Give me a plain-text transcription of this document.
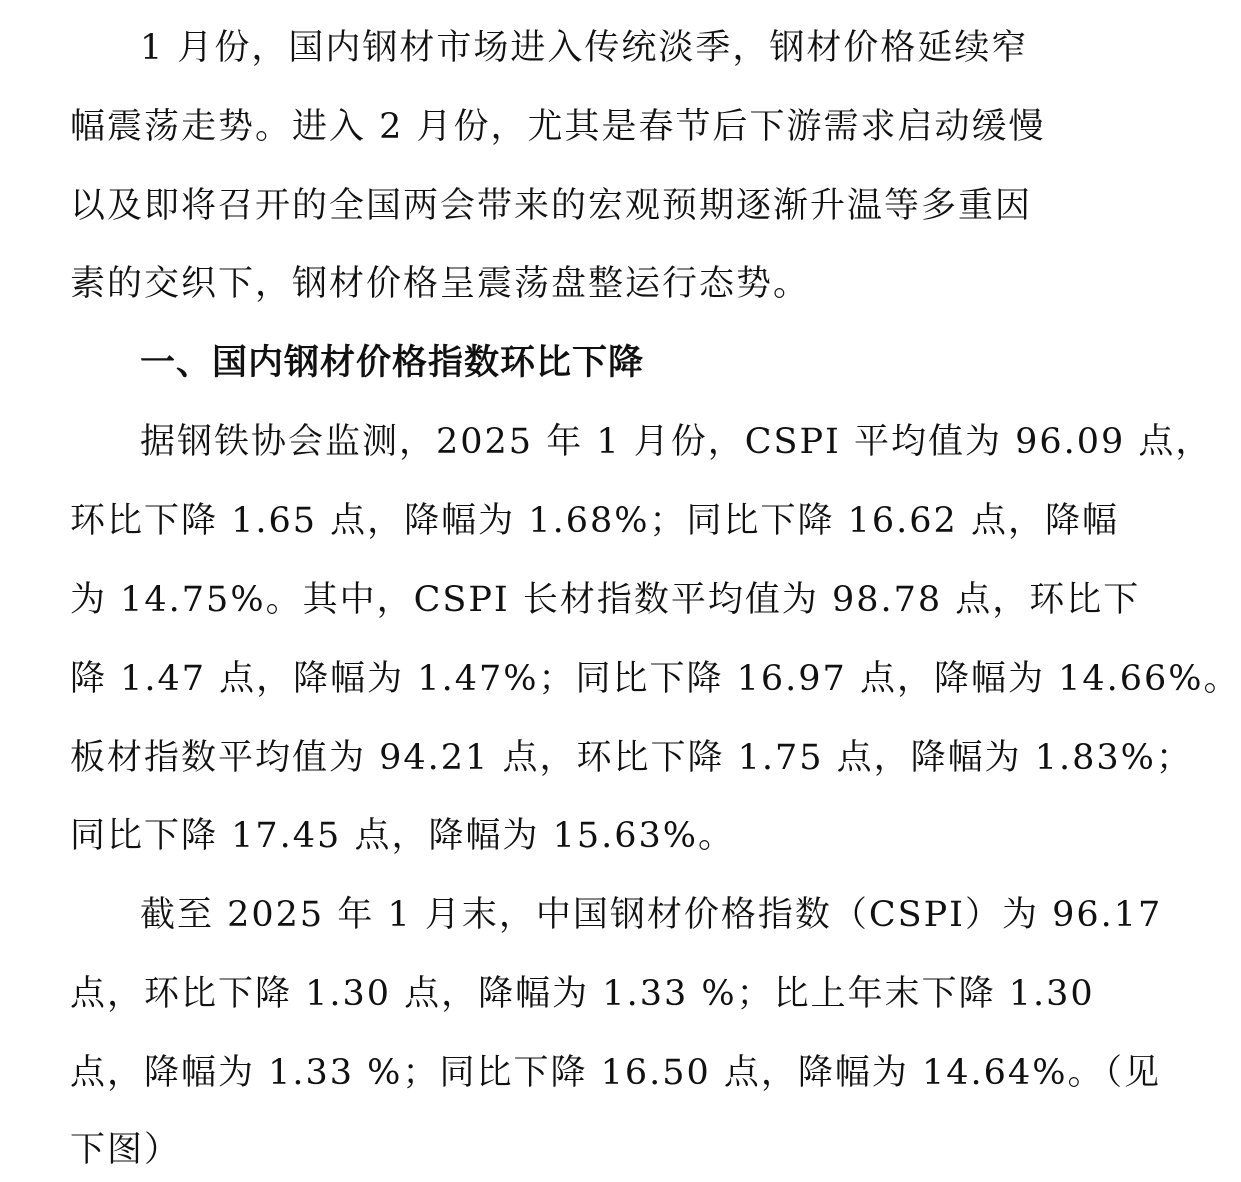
1 月份，国内钢材市场进入传统淡季，钢材价格延续窄
幅震荡走势。进入 2 月份，尤其是春节后下游需求启动缓慢
以及即将召开的全国两会带来的宏观预期逐渐升温等多重因
素的交织下，钢材价格呈震荡盘整运行态势。
一、国内钢材价格指数环比下降
据钢铁协会监测，2025 年 1 月份，CSPI 平均值为 96.09 点，
环比下降 1.65 点，降幅为 1.68%；同比下降 16.62 点，降幅
为 14.75%。其中，CSPI 长材指数平均值为 98.78 点，环比下
降 1.47 点，降幅为 1.47%；同比下降 16.97 点，降幅为 14.66%。
板材指数平均值为 94.21 点，环比下降 1.75 点，降幅为 1.83%；
同比下降 17.45 点，降幅为 15.63%。
截至 2025 年 1 月末，中国钢材价格指数（CSPI）为 96.17
点，环比下降 1.30 点，降幅为 1.33 %；比上年末下降 1.30
点，降幅为 1.33 %；同比下降 16.50 点，降幅为 14.64%。（见
下图）
